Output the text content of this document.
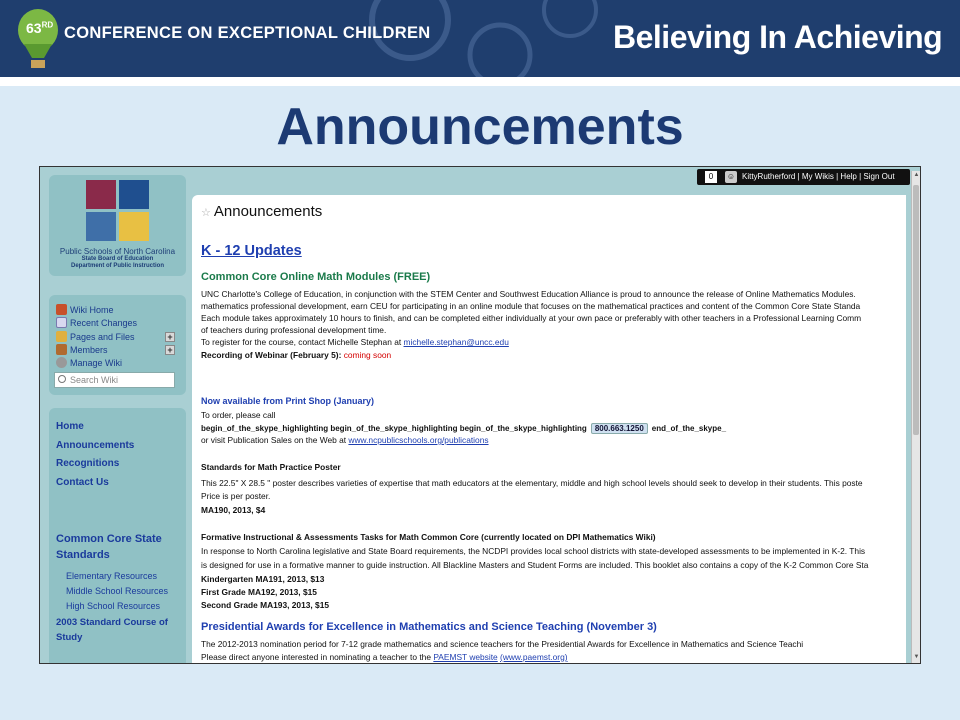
63RD CONFERENCE ON EXCEPTIONAL CHILDREN	Believing In Achieving
Announcements
Public Schools of North Carolina
State Board of Education
Department of Public Instruction
Wiki Home
Recent Changes
Pages and Files	+
Members	+
Manage Wiki
Search Wiki
Home
Announcements
Recognitions
Contact Us
Common Core State Standards
Elementary Resources
Middle School Resources
High School Resources
2003 Standard Course of Study
☆ Announcements
K - 12 Updates
Common Core Online Math Modules (FREE)
UNC Charlotte's College of Education, in conjunction with the STEM Center and Southwest Education Alliance is proud to announce the release of Online Mathematics Modules.
mathematics professional development, earn CEU for participating in an online module that focuses on the mathematical practices and content of the Common Core State Standa
Each module takes approximately 10 hours to finish, and can be completed either individually at your own pace or preferably with other teachers in a Professional Learning Comm
of teachers during professional development time.
To register for the course, contact Michelle Stephan at michelle.stephan@uncc.edu
Recording of Webinar (February 5): coming soon
Now available from Print Shop (January)
To order, please call
begin_of_the_skype_highlighting begin_of_the_skype_highlighting begin_of_the_skype_highlighting 800.663.1250 end_of_the_skype_
or visit Publication Sales on the Web at www.ncpublicschools.org/publications
Standards for Math Practice Poster
This 22.5" X 28.5 " poster describes varieties of expertise that math educators at the elementary, middle and high school levels should seek to develop in their students. This poste
Price is per poster.
MA190, 2013, $4
Formative Instructional & Assessments Tasks for Math Common Core (currently located on DPI Mathematics Wiki)
In response to North Carolina legislative and State Board requirements, the NCDPI provides local school districts with state-developed assessments to be implemented in K-2. This
is designed for use in a formative manner to guide instruction. All Blackline Masters and Student Forms are included. This booklet also contains a copy of the K-2 Common Core Sta
Kindergarten MA191, 2013, $13
First Grade MA192, 2013, $15
Second Grade MA193, 2013, $15
Presidential Awards for Excellence in Mathematics and Science Teaching (November 3)
The 2012-2013 nomination period for 7-12 grade mathematics and science teachers for the Presidential Awards for Excellence in Mathematics and Science Teachi
Please direct anyone interested in nominating a teacher to the PAEMST website (www.paemst.org)
0	☺ KittyRutherford | My Wikis | Help | Sign Out	▲
▼
